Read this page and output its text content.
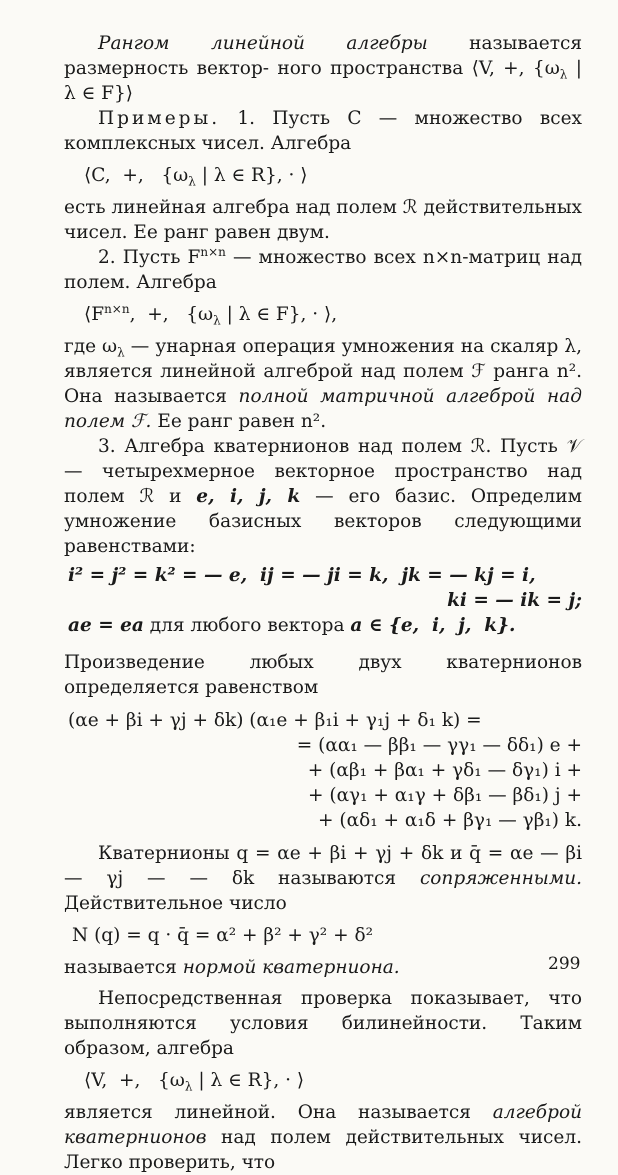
Рангом линейной алгебры называется размерность вектор- ного пространства ⟨V, +, {$\omega_\lambda$ | λ ∈ F}⟩

Примеры. 1. Пусть C — множество всех комплексных чисел. Алгебра

⟨C,  +,   {$\omega_\lambda$ | λ ∈ R}, · ⟩

есть линейная алгебра над полем ℛ действительных чисел. Ее ранг равен двум.

2. Пусть $F^{n\times n}$ — множество всех n×n-матриц над полем. Алгебра

$⟨F^{n\times n}$,  +,   {$\omega_\lambda$ | λ ∈ F}, · ⟩,

где $\omega_\lambda$ — унарная операция умножения на скаляр λ, является линейной алгеброй над полем ℱ ранга n². Она называется полной матричной алгеброй над полем ℱ. Ее ранг равен n².

3. Алгебра кватернионов над полем ℛ. Пусть 𝒱 — четырехмерное векторное пространство над полем ℛ и e, i, j, k — его базис. Определим умножение базисных векторов следующими равенствами:

i² = j² = k² = — e,  ij = — ji = k,  jk = — kj = i,

ki = — ik = j;

ae = ea для любого вектора a ∈ {e,  i,  j,  k}.

Произведение любых двух кватернионов определяется равенством

(αe + βi + γj + δk) (α₁e + β₁i + γ₁j + δ₁ k) =

= (αα₁ — ββ₁ — γγ₁ — δδ₁) e +

+ (αβ₁ + βα₁ + γδ₁ — δγ₁) i +

+ (αγ₁ + α₁γ + δβ₁ — βδ₁) j +

+ (αδ₁ + α₁δ + βγ₁ — γβ₁) k.

Кватернионы q = αe + βi + γj + δk и q̄ = αe — βi — γj — — δk называются сопряженными. Действительное число

N (q) = q · q̄ = α² + β² + γ² + δ²

называется нормой кватерниона.

Непосредственная проверка показывает, что выполняются условия билинейности. Таким образом, алгебра

⟨V,  +,   {$\omega_\lambda$ | λ ∈ R}, · ⟩

является линейной. Она называется алгеброй кватернионов над полем действительных чисел. Легко проверить, что

299
